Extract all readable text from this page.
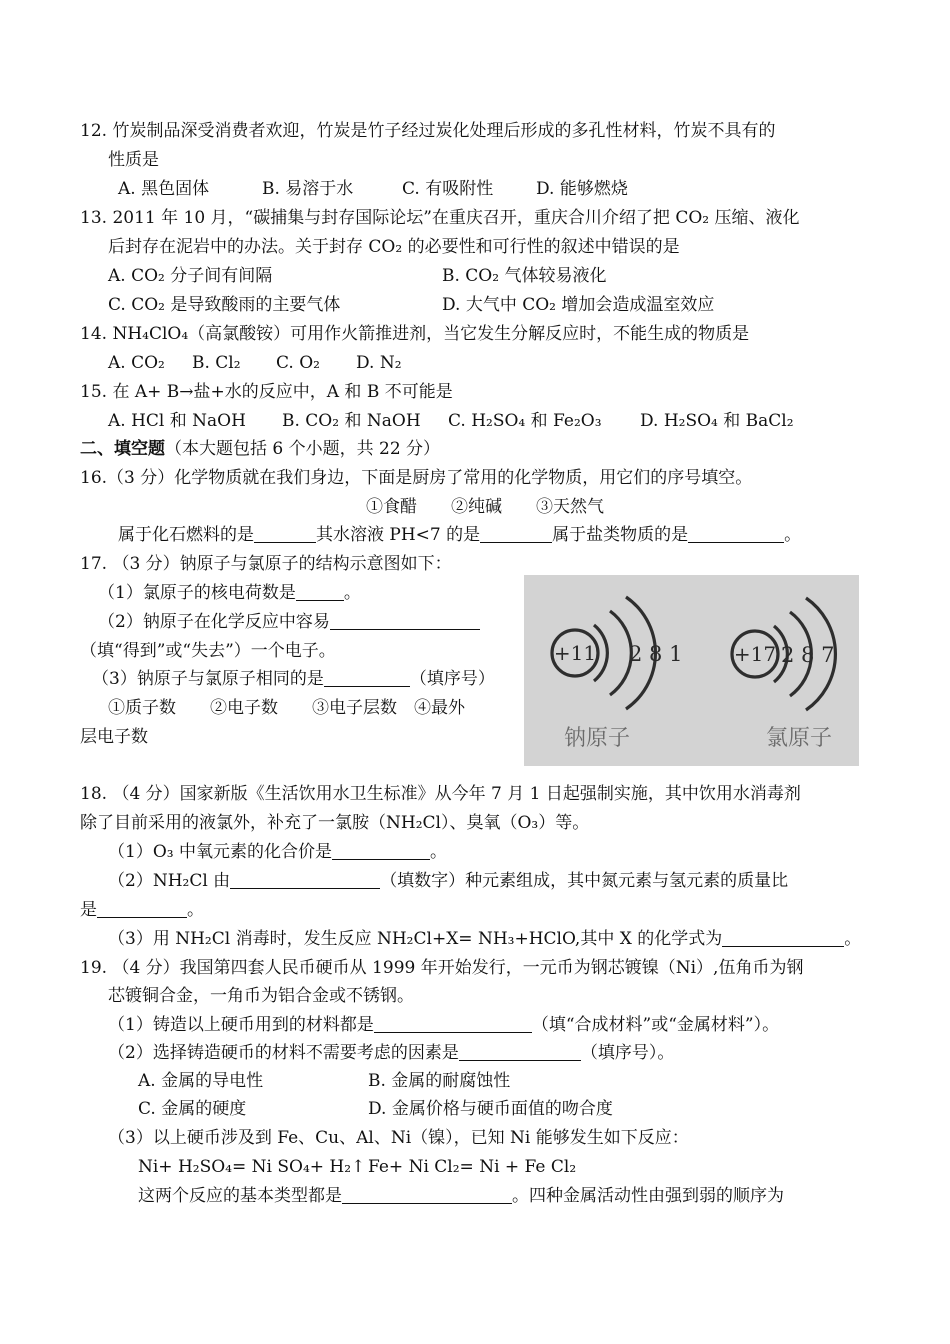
12. 竹炭制品深受消费者欢迎，竹炭是竹子经过炭化处理后形成的多孔性材料，竹炭不具有的
性质是
A. 黑色固体	B. 易溶于水	C. 有吸附性	D. 能够燃烧
13. 2011 年 10 月，“碳捕集与封存国际论坛”在重庆召开，重庆合川介绍了把 CO₂ 压缩、液化
后封存在泥岩中的办法。关于封存 CO₂ 的必要性和可行性的叙述中错误的是
A. CO₂ 分子间有间隔	B. CO₂ 气体较易液化
C. CO₂ 是导致酸雨的主要气体	D. 大气中 CO₂ 增加会造成温室效应
14. NH₄ClO₄（高氯酸铵）可用作火箭推进剂，当它发生分解反应时，不能生成的物质是
A. CO₂ B. Cl₂ C. O₂ D. N₂
15. 在 A+ B→盐+水的反应中，A 和 B 不可能是
A. HCl 和 NaOH B. CO₂ 和 NaOH C. H₂SO₄ 和 Fe₂O₃ D. H₂SO₄ 和 BaCl₂
二、填空题（本大题包括 6 个小题，共 22 分）
16.（3 分）化学物质就在我们身边，下面是厨房了常用的化学物质，用它们的序号填空。
①食醋　　②纯碱　　③天然气
属于化石燃料的是	其水溶液 PH<7 的是	属于盐类物质的是	。
17. （3 分）钠原子与氯原子的结构示意图如下：
（1）氯原子的核电荷数是	。
（2）钠原子在化学反应中容易
（填“得到”或“失去”）一个电子。
（3）钠原子与氯原子相同的是	（填序号）
①质子数　　②电子数　　③电子层数　④最外
层电子数
+11 2 8 1
钠原子
+17 2 8 7
氯原子
18. （4 分）国家新版《生活饮用水卫生标准》从今年 7 月 1 日起强制实施，其中饮用水消毒剂
除了目前采用的液氯外，补充了一氯胺（NH₂Cl）、臭氧（O₃）等。
（1）O₃ 中氧元素的化合价是	。
（2）NH₂Cl 由	（填数字）种元素组成，其中氮元素与氢元素的质量比
是	。
（3）用 NH₂Cl 消毒时，发生反应 NH₂Cl+X= NH₃+HClO,其中 X 的化学式为	。
19. （4 分）我国第四套人民币硬币从 1999 年开始发行，一元币为钢芯镀镍（Ni）,伍角币为钢
芯镀铜合金，一角币为铝合金或不锈钢。
（1）铸造以上硬币用到的材料都是	（填“合成材料”或“金属材料”）。
（2）选择铸造硬币的材料不需要考虑的因素是	（填序号）。
A. 金属的导电性	B. 金属的耐腐蚀性
C. 金属的硬度	D. 金属价格与硬币面值的吻合度
（3）以上硬币涉及到 Fe、Cu、Al、Ni（镍），已知 Ni 能够发生如下反应：
Ni+ H₂SO₄= Ni SO₄+ H₂↑ Fe+ Ni Cl₂= Ni + Fe Cl₂
这两个反应的基本类型都是	。四种金属活动性由强到弱的顺序为
